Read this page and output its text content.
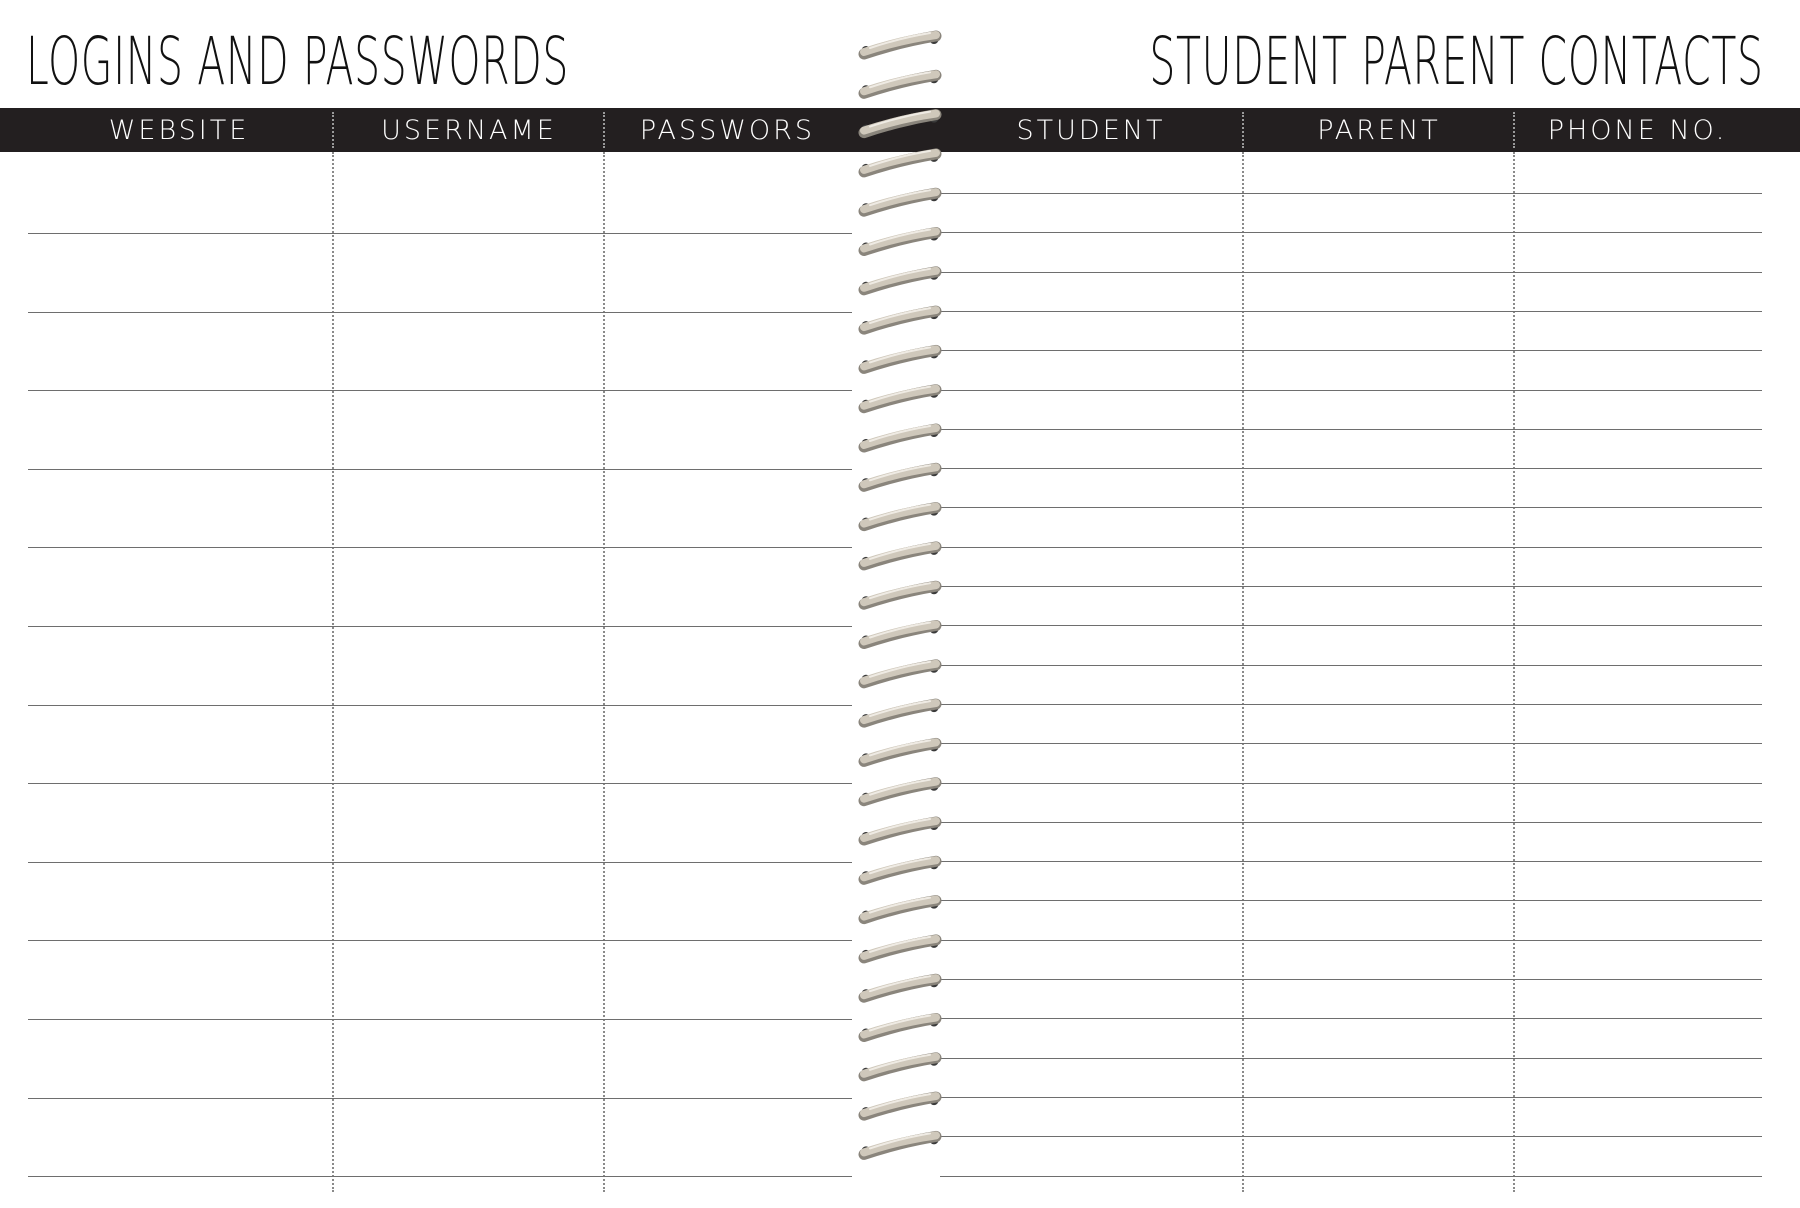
LOGINS AND PASSWORDS	STUDENT PARENT CONTACTS
WEBSITE	USERNAME	PASSWORS	STUDENT	PARENT	PHONE NO.
